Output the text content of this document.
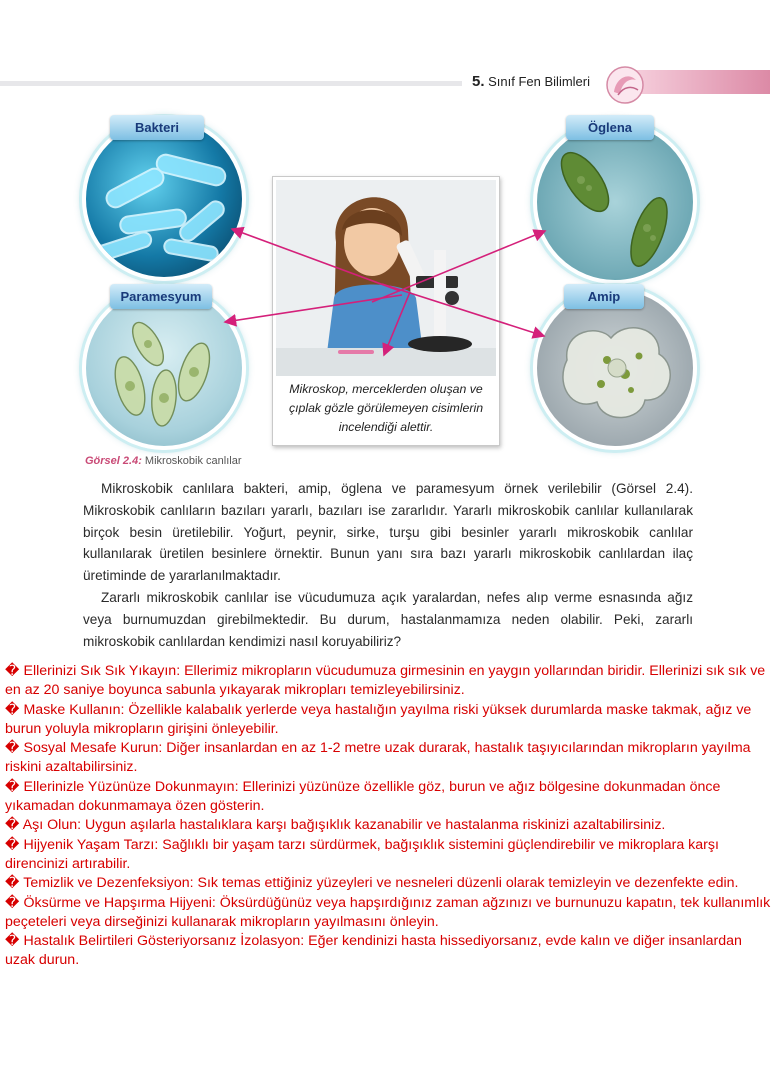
5. Sınıf Fen Bilimleri
Bakteri	Öglena
Paramesyum	Amip
Mikroskop, merceklerden oluşan ve çıplak gözle görülemeyen cisimlerin incelendiği alettir.
Görsel 2.4: Mikroskobik canlılar

Mikroskobik canlılara bakteri, amip, öglena ve paramesyum örnek verilebilir (Görsel 2.4). Mikroskobik canlıların bazıları yararlı, bazıları ise zararlıdır. Yararlı mikroskobik canlılar kullanılarak birçok besin üretilebilir. Yoğurt, peynir, sirke, turşu gibi besinler yararlı mikroskobik canlılar kullanılarak üretilen besinlere örnektir. Bunun yanı sıra bazı yararlı mikroskobik canlılardan ilaç üretiminde de yararlanılmaktadır.

Zararlı mikroskobik canlılar ise vücudumuza açık yaralardan, nefes alıp verme esnasında ağız veya burnumuzdan girebilmektedir. Bu durum, hastalanmamıza neden olabilir. Peki, zararlı mikroskobik canlılardan kendimizi nasıl koruyabiliriz?

� Ellerinizi Sık Sık Yıkayın: Ellerimiz mikropların vücudumuza girmesinin en yaygın yollarından biridir. Ellerinizi sık sık ve en az 20 saniye boyunca sabunla yıkayarak mikropları temizleyebilirsiniz.

� Maske Kullanın: Özellikle kalabalık yerlerde veya hastalığın yayılma riski yüksek durumlarda maske takmak, ağız ve burun yoluyla mikropların girişini önleyebilir.

� Sosyal Mesafe Kurun: Diğer insanlardan en az 1-2 metre uzak durarak, hastalık taşıyıcılarından mikropların yayılma riskini azaltabilirsiniz.

� Ellerinizle Yüzünüze Dokunmayın: Ellerinizi yüzünüze özellikle göz, burun ve ağız bölgesine dokunmadan önce yıkamadan dokunmamaya özen gösterin.

� Aşı Olun: Uygun aşılarla hastalıklara karşı bağışıklık kazanabilir ve hastalanma riskinizi azaltabilirsiniz.

� Hijyenik Yaşam Tarzı: Sağlıklı bir yaşam tarzı sürdürmek, bağışıklık sistemini güçlendirebilir ve mikroplara karşı direncinizi artırabilir.

� Temizlik ve Dezenfeksiyon: Sık temas ettiğiniz yüzeyleri ve nesneleri düzenli olarak temizleyin ve dezenfekte edin.

� Öksürme ve Hapşırma Hijyeni: Öksürdüğünüz veya hapşırdığınız zaman ağzınızı ve burnunuzu kapatın, tek kullanımlık peçeteleri veya dirseğinizi kullanarak mikropların yayılmasını önleyin.

� Hastalık Belirtileri Gösteriyorsanız İzolasyon: Eğer kendinizi hasta hissediyorsanız, evde kalın ve diğer insanlardan uzak durun.
